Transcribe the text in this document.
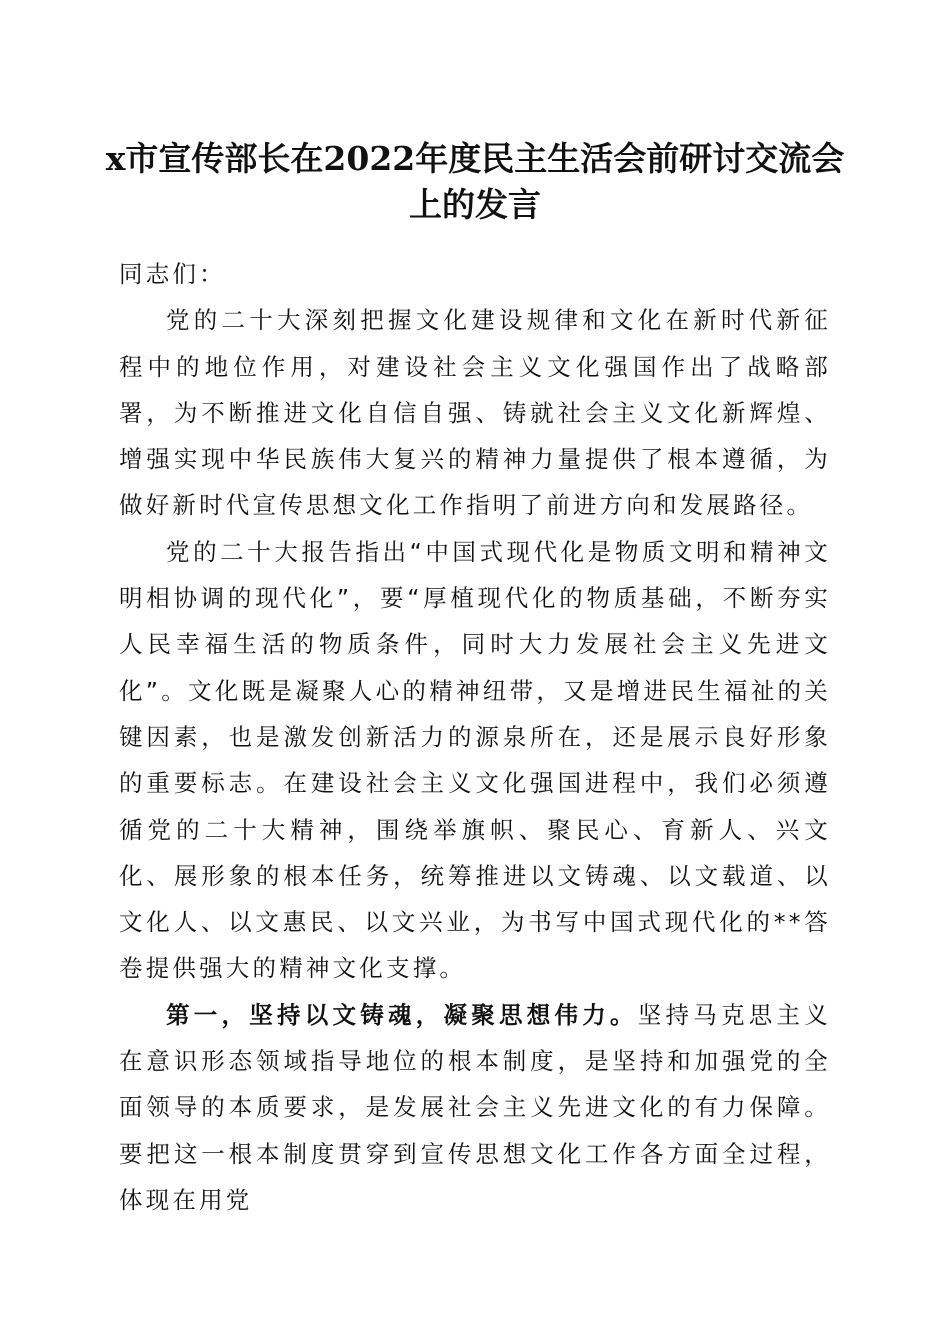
x市宣传部长在2022年度民主生活会前研讨交流会上的发言

同志们：

党的二十大深刻把握文化建设规律和文化在新时代新征程中的地位作用，对建设社会主义文化强国作出了战略部署，为不断推进文化自信自强、铸就社会主义文化新辉煌、增强实现中华民族伟大复兴的精神力量提供了根本遵循，为做好新时代宣传思想文化工作指明了前进方向和发展路径。

党的二十大报告指出“中国式现代化是物质文明和精神文明相协调的现代化”，要“厚植现代化的物质基础，不断夯实人民幸福生活的物质条件，同时大力发展社会主义先进文化”。文化既是凝聚人心的精神纽带，又是增进民生福祉的关键因素，也是激发创新活力的源泉所在，还是展示良好形象的重要标志。在建设社会主义文化强国进程中，我们必须遵循党的二十大精神，围绕举旗帜、聚民心、育新人、兴文化、展形象的根本任务，统筹推进以文铸魂、以文载道、以文化人、以文惠民、以文兴业，为书写中国式现代化的**答卷提供强大的精神文化支撑。

第一，坚持以文铸魂，凝聚思想伟力。坚持马克思主义在意识形态领域指导地位的根本制度，是坚持和加强党的全面领导的本质要求，是发展社会主义先进文化的有力保障。要把这一根本制度贯穿到宣传思想文化工作各方面全过程，体现在用党
